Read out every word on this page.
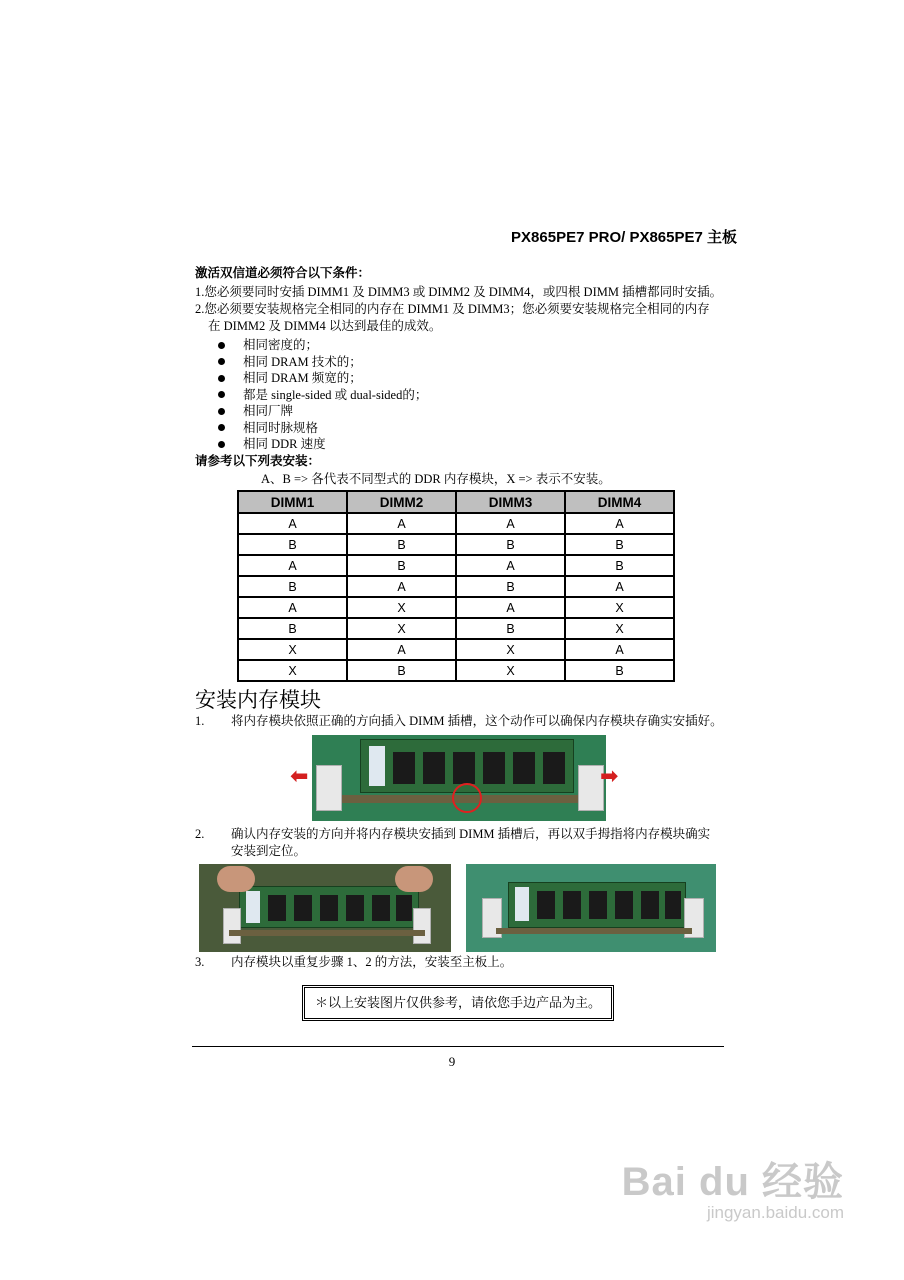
PX865PE7 PRO/ PX865PE7 主板
激活双信道必须符合以下条件：
1.您必须要同时安插 DIMM1 及 DIMM3 或 DIMM2 及 DIMM4，或四根 DIMM 插槽都同时安插。
2.您必须要安装规格完全相同的内存在 DIMM1 及 DIMM3；您必须要安装规格完全相同的内存
在 DIMM2 及 DIMM4 以达到最佳的成效。
相同密度的；
相同 DRAM 技术的；
相同 DRAM 频宽的；
都是 single-sided 或 dual-sided的；
相同厂牌
相同时脉规格
相同 DDR 速度
请参考以下列表安装：
A、B => 各代表不同型式的 DDR 内存模块，X => 表示不安装。
DIMM1	DIMM2	DIMM3	DIMM4
A	A	A	A
B	B	B	B
A	B	A	B
B	A	B	A
A	X	A	X
B	X	B	X
X	A	X	A
X	B	X	B
安装内存模块
1. 将内存模块依照正确的方向插入 DIMM 插槽，这个动作可以确保内存模块存确实安插好。
⬅	➡
2. 确认内存安装的方向并将内存模块安插到 DIMM 插槽后，再以双手拇指将内存模块确实
安装到定位。
3. 内存模块以重复步骤 1、2 的方法，安装至主板上。
＊以上安装图片仅供参考，请依您手边产品为主。
9
Bai du 经验
jingyan.baidu.com
